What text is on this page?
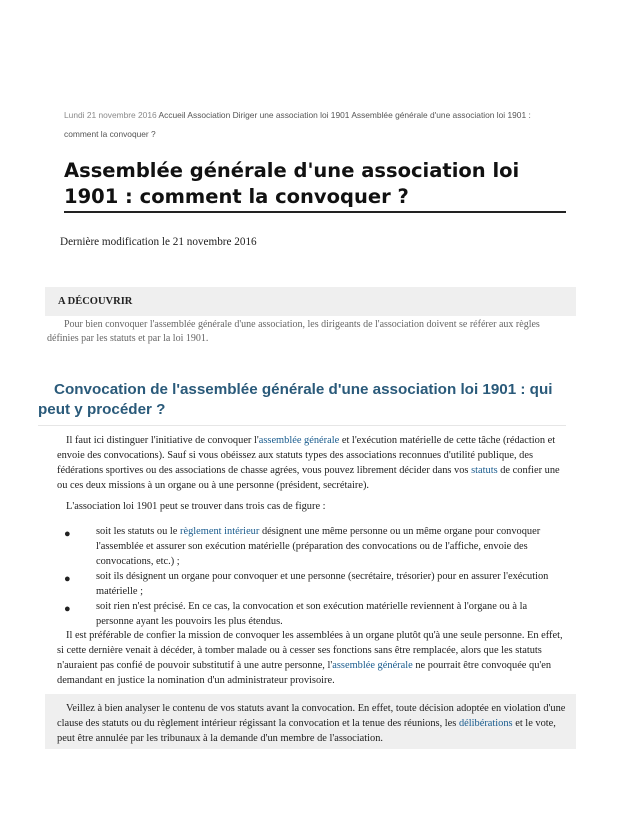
Lundi 21 novembre 2016 Accueil Association Diriger une association loi 1901 Assemblée générale d'une association loi 1901 : comment la convoquer ?
Assemblée générale d'une association loi 1901 : comment la convoquer ?
Dernière modification le 21 novembre 2016
A DÉCOUVRIR
Pour bien convoquer l'assemblée générale d'une association, les dirigeants de l'association doivent se référer aux règles définies par les statuts et par la loi 1901.
Convocation de l'assemblée générale d'une association loi 1901 : qui peut y procéder ?

Il faut ici distinguer l'initiative de convoquer l'assemblée générale et l'exécution matérielle de cette tâche (rédaction et envoie des convocations). Sauf si vous obéissez aux statuts types des associations reconnues d'utilité publique, des fédérations sportives ou des associations de chasse agrées, vous pouvez librement décider dans vos statuts de confier une ou ces deux missions à un organe ou à une personne (président, secrétaire).

L'association loi 1901 peut se trouver dans trois cas de figure :

● soit les statuts ou le règlement intérieur désignent une même personne ou un même organe pour convoquer l'assemblée et assurer son exécution matérielle (préparation des convocations ou de l'affiche, envoie des convocations, etc.) ;
● soit ils désignent un organe pour convoquer et une personne (secrétaire, trésorier) pour en assurer l'exécution matérielle ;
● soit rien n'est précisé. En ce cas, la convocation et son exécution matérielle reviennent à l'organe ou à la personne ayant les pouvoirs les plus étendus.

Il est préférable de confier la mission de convoquer les assemblées à un organe plutôt qu'à une seule personne. En effet, si cette dernière venait à décéder, à tomber malade ou à cesser ses fonctions sans être remplacée, alors que les statuts n'auraient pas confié de pouvoir substitutif à une autre personne, l'assemblée générale ne pourrait être convoquée qu'en demandant en justice la nomination d'un administrateur provisoire.

Veillez à bien analyser le contenu de vos statuts avant la convocation. En effet, toute décision adoptée en violation d'une clause des statuts ou du règlement intérieur régissant la convocation et la tenue des réunions, les délibérations et le vote, peut être annulée par les tribunaux à la demande d'un membre de l'association.
